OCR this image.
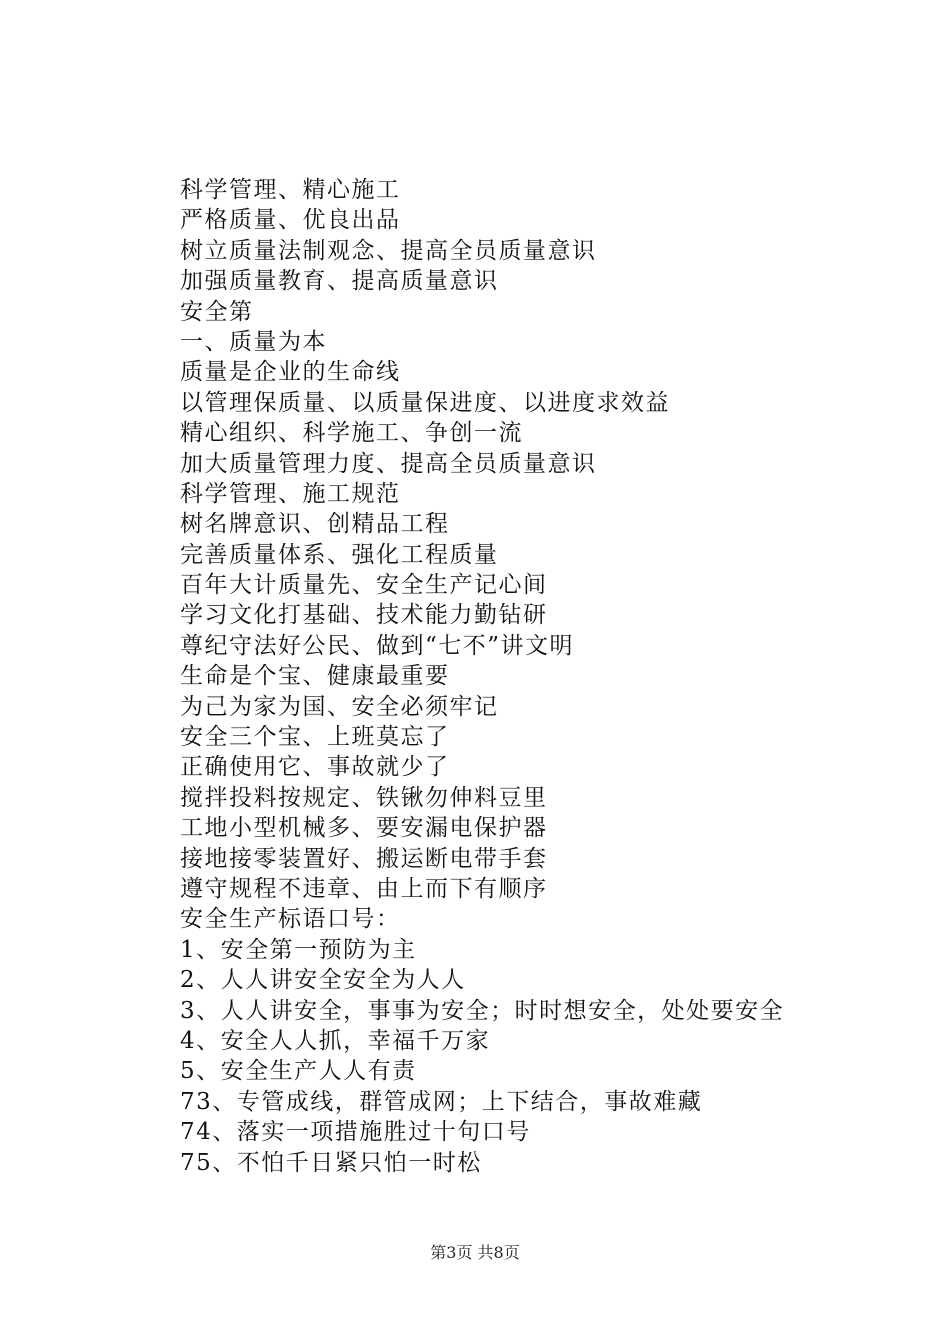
科学管理、精心施工
严格质量、优良出品
树立质量法制观念、提高全员质量意识
加强质量教育、提高质量意识
安全第
一、质量为本
质量是企业的生命线
以管理保质量、以质量保进度、以进度求效益
精心组织、科学施工、争创一流
加大质量管理力度、提高全员质量意识
科学管理、施工规范
树名牌意识、创精品工程
完善质量体系、强化工程质量
百年大计质量先、安全生产记心间
学习文化打基础、技术能力勤钻研
尊纪守法好公民、做到“七不”讲文明
生命是个宝、健康最重要
为己为家为国、安全必须牢记
安全三个宝、上班莫忘了
正确使用它、事故就少了
搅拌投料按规定、铁锹勿伸料豆里
工地小型机械多、要安漏电保护器
接地接零装置好、搬运断电带手套
遵守规程不违章、由上而下有顺序
安全生产标语口号：
1、安全第一预防为主
2、人人讲安全安全为人人
3、人人讲安全，事事为安全；时时想安全，处处要安全
4、安全人人抓，幸福千万家
5、安全生产人人有责
73、专管成线，群管成网；上下结合，事故难藏
74、落实一项措施胜过十句口号
75、不怕千日紧只怕一时松
第3页 共8页
